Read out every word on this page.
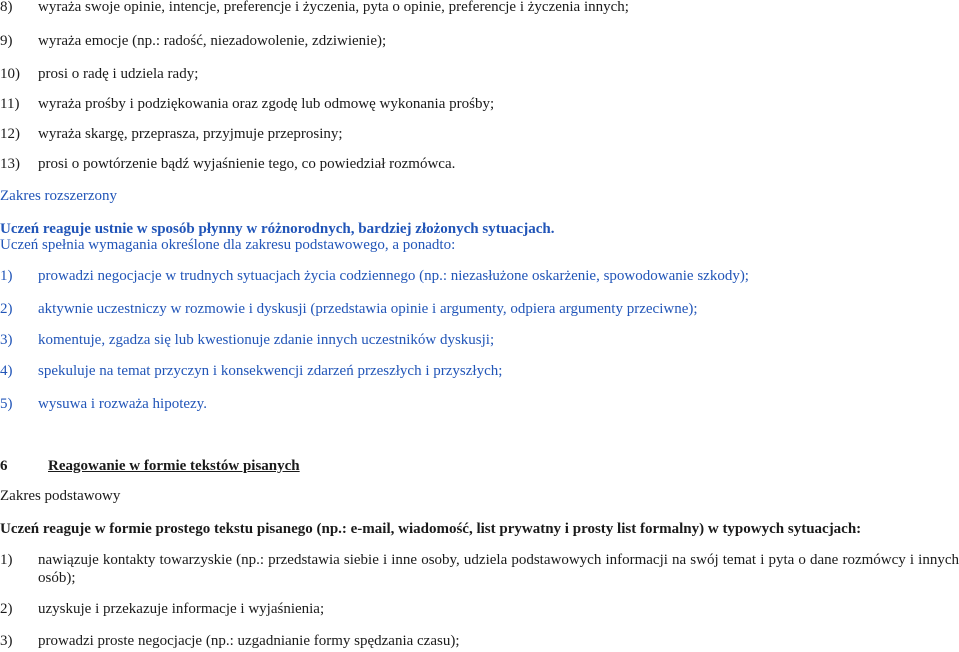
8) wyraża swoje opinie, intencje, preferencje i życzenia, pyta o opinie, preferencje i życzenia innych;
9) wyraża emocje (np.: radość, niezadowolenie, zdziwienie);
10) prosi o radę i udziela rady;
11) wyraża prośby i podziękowania oraz zgodę lub odmowę wykonania prośby;
12) wyraża skargę, przeprasza, przyjmuje przeprosiny;
13) prosi o powtórzenie bądź wyjaśnienie tego, co powiedział rozmówca.
Zakres rozszerzony
Uczeń reaguje ustnie w sposób płynny w różnorodnych, bardziej złożonych sytuacjach.
Uczeń spełnia wymagania określone dla zakresu podstawowego, a ponadto:
1) prowadzi negocjacje w trudnych sytuacjach życia codziennego (np.: niezasłużone oskarżenie, spowodowanie szkody);
2) aktywnie uczestniczy w rozmowie i dyskusji (przedstawia opinie i argumenty, odpiera argumenty przeciwne);
3) komentuje, zgadza się lub kwestionuje zdanie innych uczestników dyskusji;
4) spekuluje na temat przyczyn i konsekwencji zdarzeń przeszłych i przyszłych;
5) wysuwa i rozważa hipotezy.
6	Reagowanie w formie tekstów pisanych
Zakres podstawowy
Uczeń reaguje w formie prostego tekstu pisanego (np.: e-mail, wiadomość, list prywatny i prosty list formalny) w typowych sytuacjach:
1) nawiązuje kontakty towarzyskie (np.: przedstawia siebie i inne osoby, udziela podstawowych informacji na swój temat i pyta o dane rozmówcy i innych osób);
2) uzyskuje i przekazuje informacje i wyjaśnienia;
3) prowadzi proste negocjacje (np.: uzgadnianie formy spędzania czasu);
